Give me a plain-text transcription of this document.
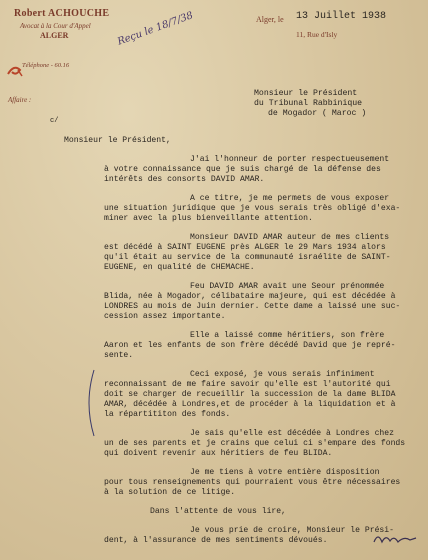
Robert ACHOUCHE
Avocat à la Cour d'Appel
ALGER
Téléphone - 60.16
Affaire :
c/
Alger, le 13 Juillet 1938
11, Rue d'Isly
Reçu le 18/7/38
Monsieur le Président
du Tribunal Rabbinique
de Mogador ( Maroc )
Monsieur le Président,
J'ai l'honneur de porter respectueusement
à votre connaissance que je suis chargé de la défense des
intérêts des consorts DAVID AMAR.
A ce titre, je me permets de vous exposer
une situation juridique que je vous serais très obligé d'exa-
miner avec la plus bienveillante attention.
Monsieur DAVID AMAR auteur de mes clients
est décédé à SAINT EUGENE près ALGER le 29 Mars 1934 alors
qu'il était au service de la communauté israélite de SAINT-
EUGENE, en qualité de CHEMACHE.
Feu DAVID AMAR avait une Seour prénommée
Blida, née à Mogador, célibataire majeure, qui est décédée à
LONDRES au mois de Juin dernier. Cette dame a laissé une suc-
cession assez importante.
Elle a laissé comme héritiers, son frère
Aaron et les enfants de son frère décédé David que je repré-
sente.
Ceci exposé, je vous serais infiniment
reconnaissant de me faire savoir qu'elle est l'autorité qui
doit se charger de recueillir la succession de la dame BLIDA
AMAR, décédée à Londres,et de procéder à la liquidation et à
la répartititon des fonds.
Je sais qu'elle est décédée à Londres chez
un de ses parents et je crains que celui ci s'empare des fonds
qui doivent revenir aux héritiers de feu BLIDA.
Je me tiens à votre entière disposition
pour tous renseignements qui pourraient vous être nécessaires
à la solution de ce litige.
Dans l'attente de vous lire,
Je vous prie de croire, Monsieur le Prési-
dent, à l'assurance de mes sentiments dévoués.
